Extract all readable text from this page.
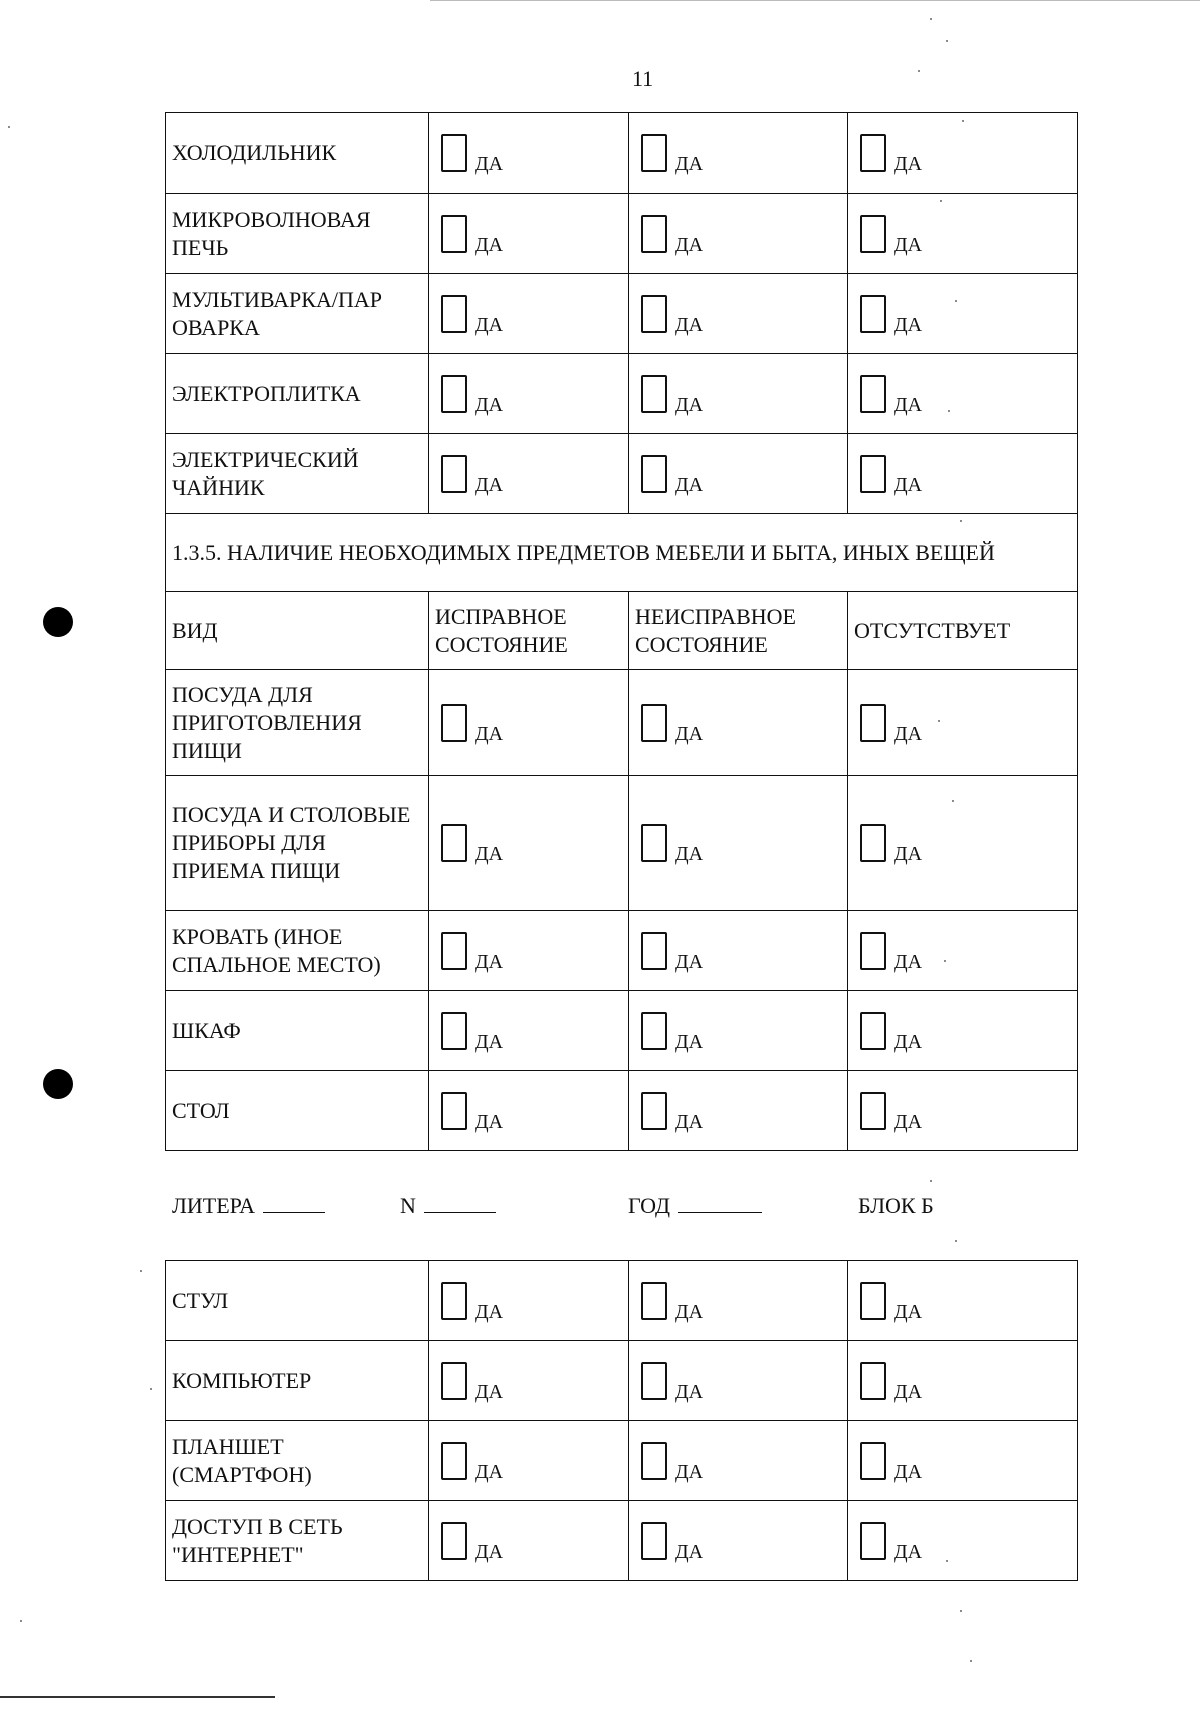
11
ХОЛОДИЛЬНИК	ДА	ДА	ДА
МИКРОВОЛНОВАЯ ПЕЧЬ	ДА	ДА	ДА
МУЛЬТИВАРКА/ПАР ОВАРКА	ДА	ДА	ДА
ЭЛЕКТРОПЛИТКА	ДА	ДА	ДА
ЭЛЕКТРИЧЕСКИЙ ЧАЙНИК	ДА	ДА	ДА
1.3.5. НАЛИЧИЕ НЕОБХОДИМЫХ ПРЕДМЕТОВ МЕБЕЛИ И БЫТА, ИНЫХ ВЕЩЕЙ			
ВИД	ИСПРАВНОЕ СОСТОЯНИЕ	НЕИСПРАВНОЕ СОСТОЯНИЕ	ОТСУТСТВУЕТ
ПОСУДА ДЛЯ ПРИГОТОВЛЕНИЯ ПИЩИ	ДА	ДА	ДА
ПОСУДА И СТОЛОВЫЕ ПРИБОРЫ ДЛЯ ПРИЕМА ПИЩИ	ДА	ДА	ДА
КРОВАТЬ (ИНОЕ СПАЛЬНОЕ МЕСТО)	ДА	ДА	ДА
ШКАФ	ДА	ДА	ДА
СТОЛ	ДА	ДА	ДА
ЛИТЕРА	N	ГОД	БЛОК Б
СТУЛ	ДА	ДА	ДА
КОМПЬЮТЕР	ДА	ДА	ДА
ПЛАНШЕТ (СМАРТФОН)	ДА	ДА	ДА
ДОСТУП В СЕТЬ "ИНТЕРНЕТ"	ДА	ДА	ДА
